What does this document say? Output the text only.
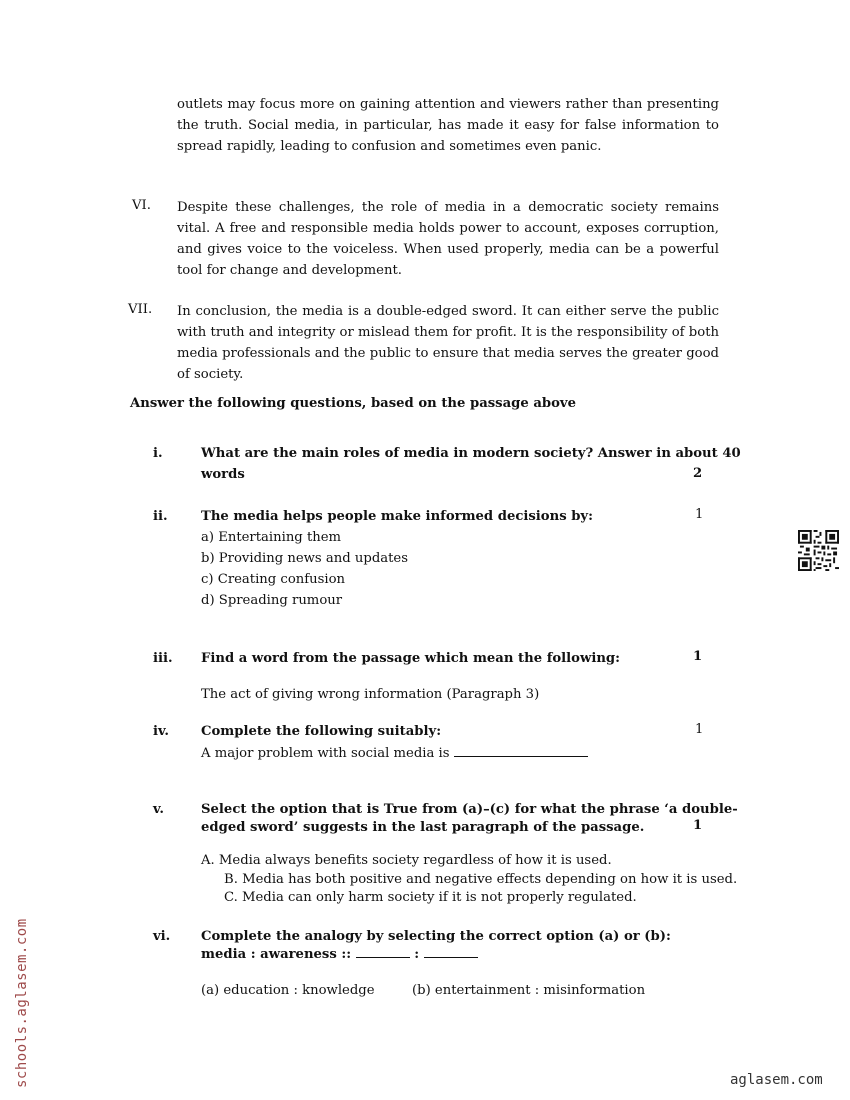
outlets may focus more on gaining attention and viewers rather than presenting the truth. Social media, in particular, has made it easy for false information to spread rapidly, leading to confusion and sometimes even panic.
VI. Despite these challenges, the role of media in a democratic society remains vital. A free and responsible media holds power to account, exposes corruption, and gives voice to the voiceless. When used properly, media can be a powerful tool for change and development.
VII. In conclusion, the media is a double-edged sword. It can either serve the public with truth and integrity or mislead them for profit. It is the responsibility of both media professionals and the public to ensure that media serves the greater good of society.
Answer the following questions, based on the passage above
i.	What are the main roles of media in modern society? Answer in about 40
words	2
ii.	The media helps people make informed decisions by:	1
a) Entertaining them
b) Providing news and updates
c) Creating confusion
d) Spreading rumour
iii. Find a word from the passage which mean the following:	1
The act of giving wrong information (Paragraph 3)
iv. Complete the following suitably:	1
A major problem with social media is
v.	Select the option that is True from (a)–(c) for what the phrase ‘a double-
edged sword’ suggests in the last paragraph of the passage.	1
A. Media always benefits society regardless of how it is used.
B. Media has both positive and negative effects depending on how it is used.
C. Media can only harm society if it is not properly regulated.
vi. Complete the analogy by selecting the correct option (a) or (b):
media : awareness ::	:
(a) education : knowledge	(b) entertainment : misinformation
schools.aglasem.com	aglasem.com
